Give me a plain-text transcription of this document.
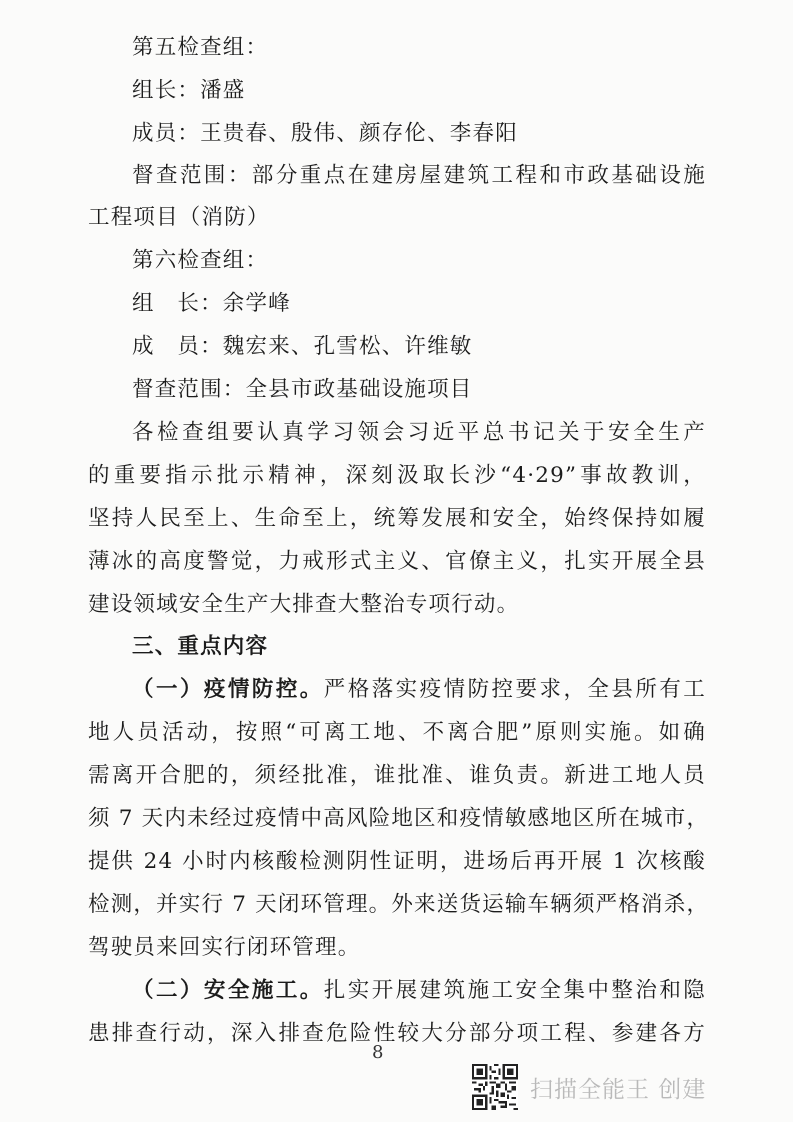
第五检查组：
组长：潘盛
成员：王贵春、殷伟、颜存伦、李春阳
督查范围：部分重点在建房屋建筑工程和市政基础设施
工程项目（消防）
第六检查组：
组　长：余学峰
成　员：魏宏来、孔雪松、许维敏
督查范围：全县市政基础设施项目
各检查组要认真学习领会习近平总书记关于安全生产
的重要指示批示精神，深刻汲取长沙“4·29”事故教训，
坚持人民至上、生命至上，统筹发展和安全，始终保持如履
薄冰的高度警觉，力戒形式主义、官僚主义，扎实开展全县
建设领域安全生产大排查大整治专项行动。
三、重点内容
（一）疫情防控。严格落实疫情防控要求，全县所有工
地人员活动，按照“可离工地、不离合肥”原则实施。如确
需离开合肥的，须经批准，谁批准、谁负责。新进工地人员
须 7 天内未经过疫情中高风险地区和疫情敏感地区所在城市，
提供 24 小时内核酸检测阴性证明，进场后再开展 1 次核酸
检测，并实行 7 天闭环管理。外来送货运输车辆须严格消杀，
驾驶员来回实行闭环管理。
（二）安全施工。扎实开展建筑施工安全集中整治和隐
患排查行动，深入排查危险性较大分部分项工程、参建各方
8
扫描全能王 创建
